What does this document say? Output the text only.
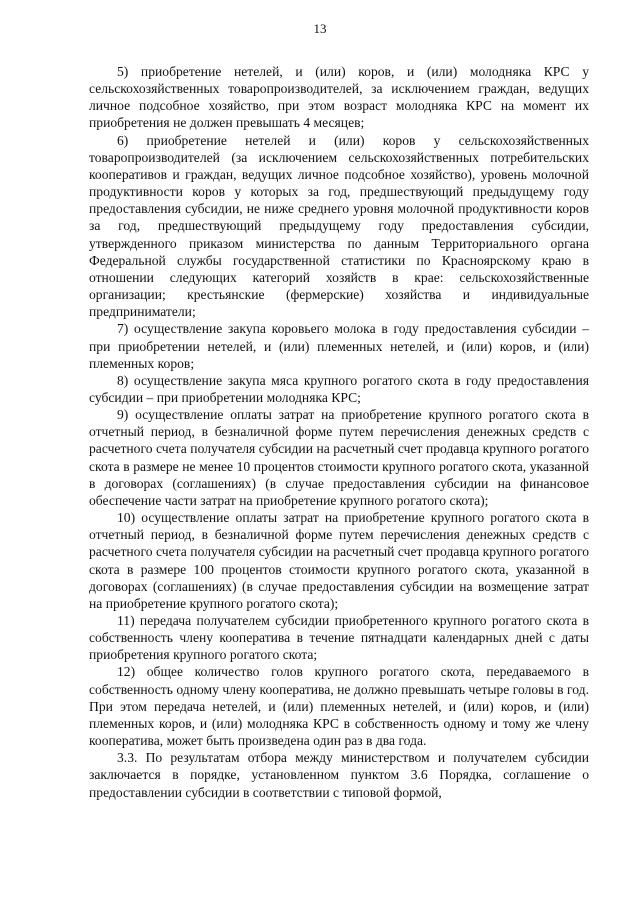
13

5) приобретение нетелей, и (или) коров, и (или) молодняка КРС у сельскохозяйственных товаропроизводителей, за исключением граждан, ведущих личное подсобное хозяйство, при этом возраст молодняка КРС на момент их приобретения не должен превышать 4 месяцев;

6) приобретение нетелей и (или) коров у сельскохозяйственных товаропроизводителей (за исключением сельскохозяйственных потребительских кооперативов и граждан, ведущих личное подсобное хозяйство), уровень молочной продуктивности коров у которых за год, предшествующий предыдущему году предоставления субсидии, не ниже среднего уровня молочной продуктивности коров за год, предшествующий предыдущему году предоставления субсидии, утвержденного приказом министерства по данным Территориального органа Федеральной службы государственной статистики по Красноярскому краю в отношении следующих категорий хозяйств в крае: сельскохозяйственные организации; крестьянские (фермерские) хозяйства и индивидуальные предприниматели;

7) осуществление закупа коровьего молока в году предоставления субсидии – при приобретении нетелей, и (или) племенных нетелей, и (или) коров, и (или) племенных коров;

8) осуществление закупа мяса крупного рогатого скота в году предоставления субсидии – при приобретении молодняка КРС;

9) осуществление оплаты затрат на приобретение крупного рогатого скота в отчетный период, в безналичной форме путем перечисления денежных средств с расчетного счета получателя субсидии на расчетный счет продавца крупного рогатого скота в размере не менее 10 процентов стоимости крупного рогатого скота, указанной в договорах (соглашениях) (в случае предоставления субсидии на финансовое обеспечение части затрат на приобретение крупного рогатого скота);

10) осуществление оплаты затрат на приобретение крупного рогатого скота в отчетный период, в безналичной форме путем перечисления денежных средств с расчетного счета получателя субсидии на расчетный счет продавца крупного рогатого скота в размере 100 процентов стоимости крупного рогатого скота, указанной в договорах (соглашениях) (в случае предоставления субсидии на возмещение затрат на приобретение крупного рогатого скота);

11) передача получателем субсидии приобретенного крупного рогатого скота в собственность члену кооператива в течение пятнадцати календарных дней с даты приобретения крупного рогатого скота;

12) общее количество голов крупного рогатого скота, передаваемого в собственность одному члену кооператива, не должно превышать четыре головы в год. При этом передача нетелей, и (или) племенных нетелей, и (или) коров, и (или) племенных коров, и (или) молодняка КРС в собственность одному и тому же члену кооператива, может быть произведена один раз в два года.

3.3. По результатам отбора между министерством и получателем субсидии заключается в порядке, установленном пунктом 3.6 Порядка, соглашение о предоставлении субсидии в соответствии с типовой формой,
